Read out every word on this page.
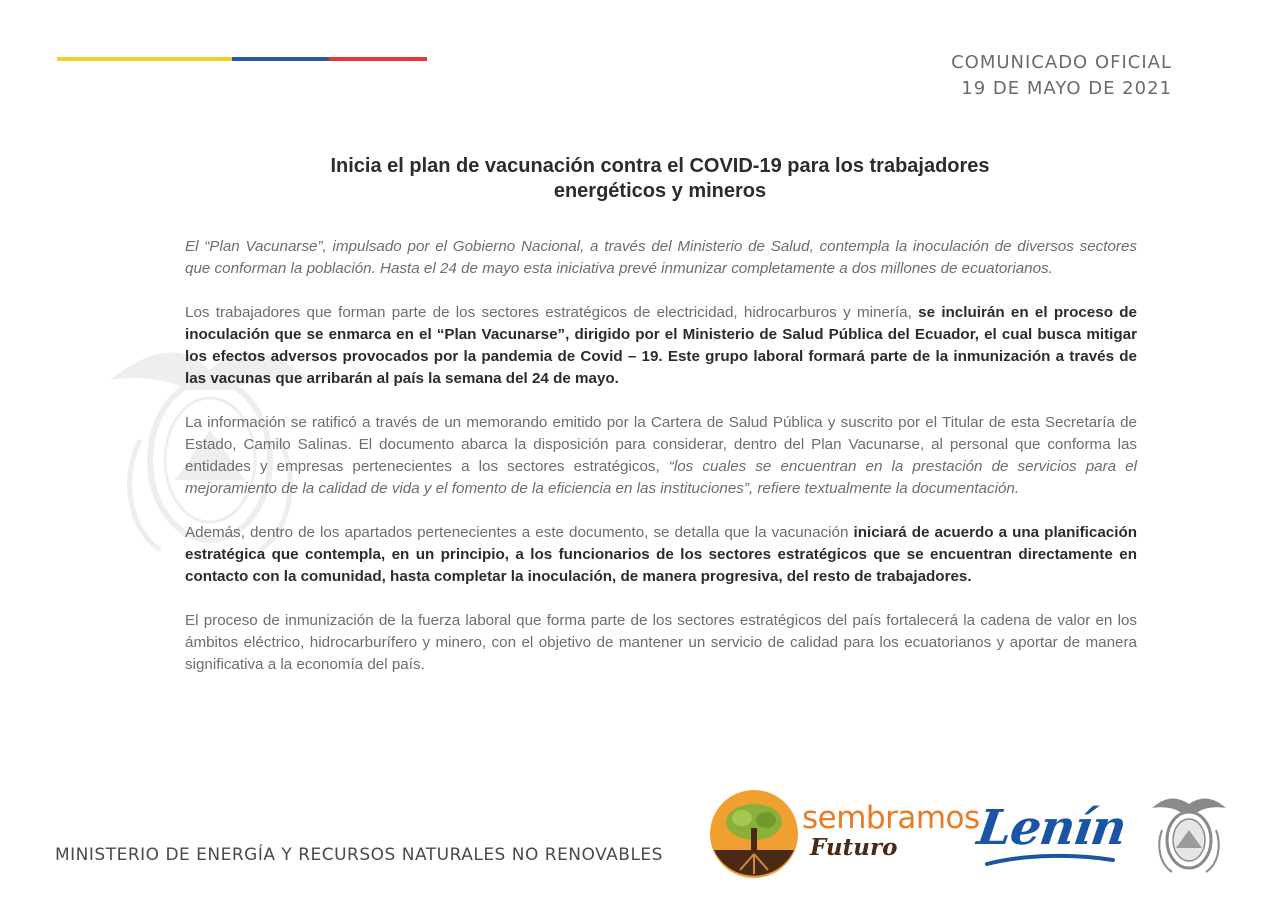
COMUNICADO OFICIAL
19 DE MAYO DE 2021
Inicia el plan de vacunación contra el COVID-19 para los trabajadores
energéticos y mineros

El “Plan Vacunarse”, impulsado por el Gobierno Nacional, a través del Ministerio de Salud, contempla la inoculación de diversos sectores que conforman la población. Hasta el 24 de mayo esta iniciativa prevé inmunizar completamente a dos millones de ecuatorianos.

Los trabajadores que forman parte de los sectores estratégicos de electricidad, hidrocarburos y minería, se incluirán en el proceso de inoculación que se enmarca en el “Plan Vacunarse”, dirigido por el Ministerio de Salud Pública del Ecuador, el cual busca mitigar los efectos adversos provocados por la pandemia de Covid – 19. Este grupo laboral formará parte de la inmunización a través de las vacunas que arribarán al país la semana del 24 de mayo.

La información se ratificó a través de un memorando emitido por la Cartera de Salud Pública y suscrito por el Titular de esta Secretaría de Estado, Camilo Salinas. El documento abarca la disposición para considerar, dentro del Plan Vacunarse, al personal que conforma las entidades y empresas pertenecientes a los sectores estratégicos, “los cuales se encuentran en la prestación de servicios para el mejoramiento de la calidad de vida y el fomento de la eficiencia en las instituciones”, refiere textualmente la documentación.

Además, dentro de los apartados pertenecientes a este documento, se detalla que la vacunación iniciará de acuerdo a una planificación estratégica que contempla, en un principio, a los funcionarios de los sectores estratégicos que se encuentran directamente en contacto con la comunidad, hasta completar la inoculación, de manera progresiva, del resto de trabajadores.

El proceso de inmunización de la fuerza laboral que forma parte de los sectores estratégicos del país fortalecerá la cadena de valor en los ámbitos eléctrico, hidrocarburífero y minero, con el objetivo de mantener un servicio de calidad para los ecuatorianos y aportar de manera significativa a la economía del país.

MINISTERIO DE ENERGÍA Y RECURSOS NATURALES NO RENOVABLES
sembramos
Futuro Lenín
